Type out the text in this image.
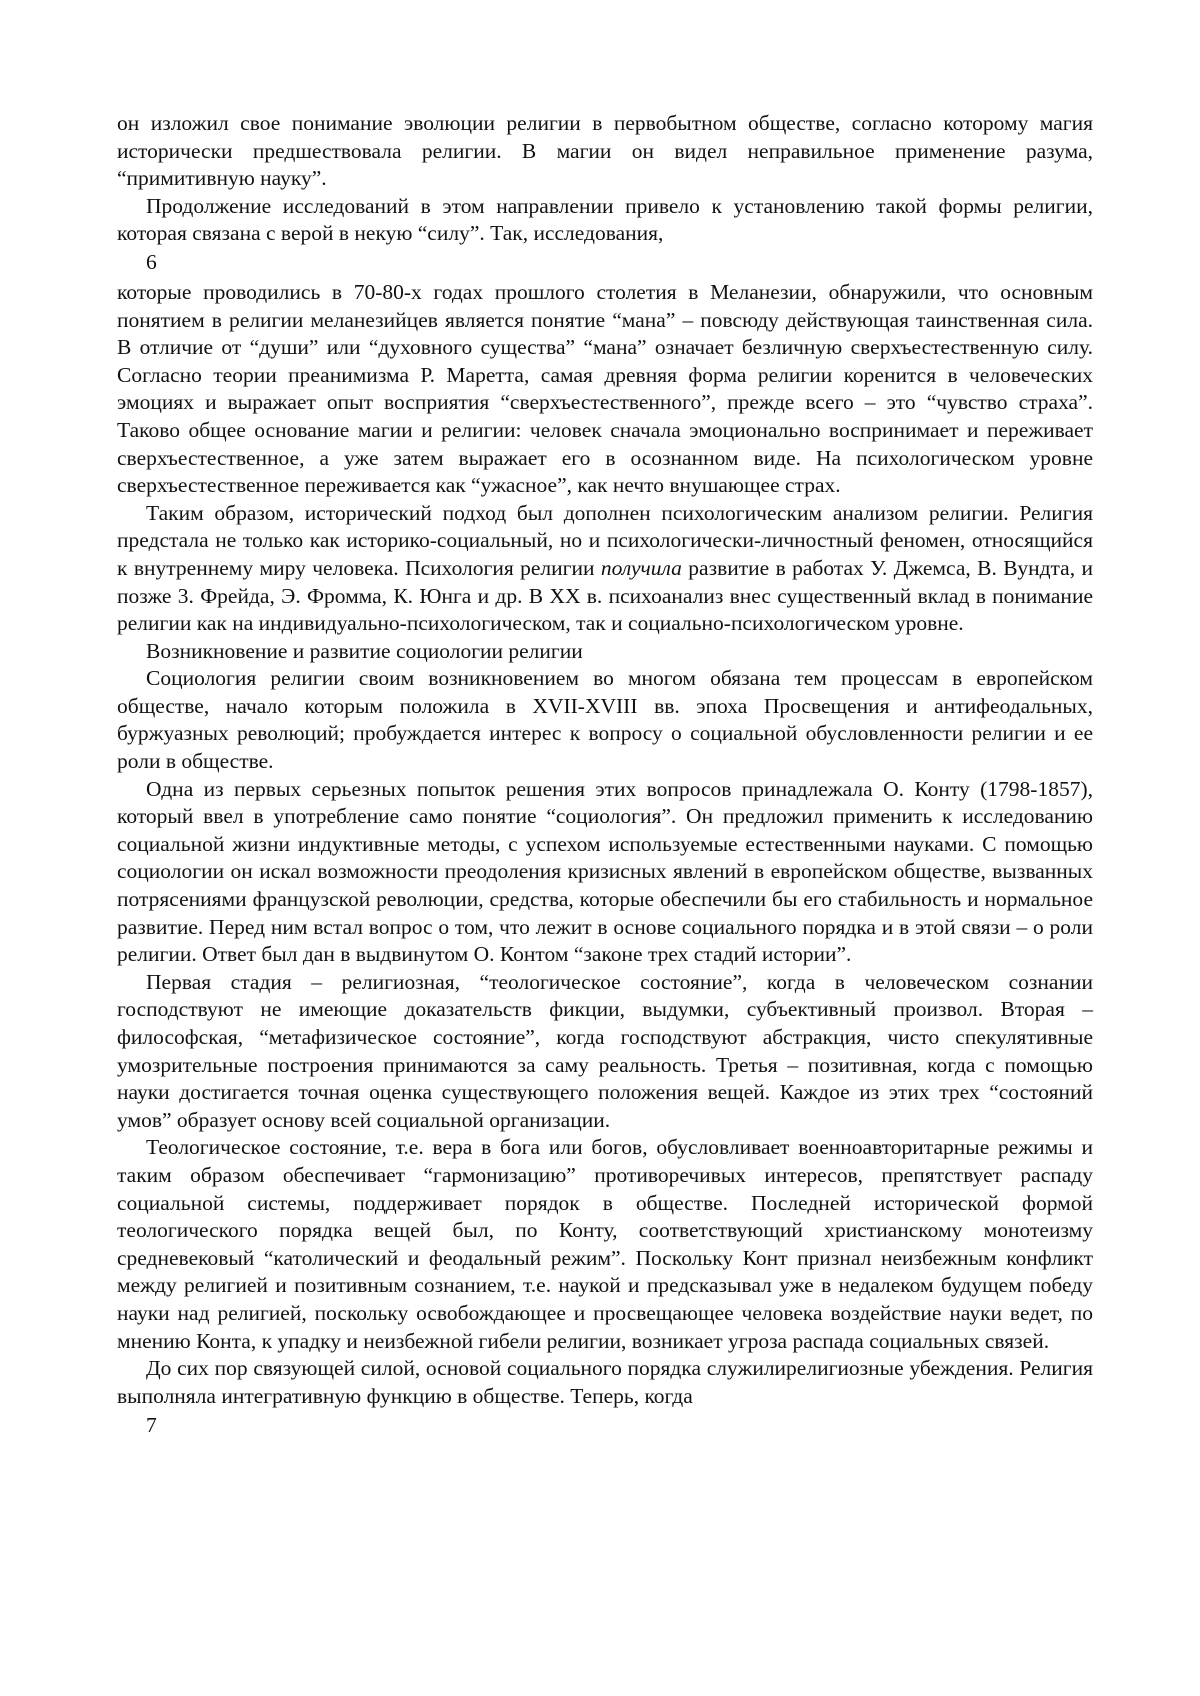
он изложил свое понимание эволюции религии в первобытном обществе, согласно которому магия исторически предшествовала религии. В магии он видел неправильное применение разума, “примитивную науку”.

Продолжение исследований в этом направлении привело к установлению такой формы религии, которая связана с верой в некую “силу”. Так, исследования,

6

которые проводились в 70-80-х годах прошлого столетия в Меланезии, обнаружили, что основным понятием в религии меланезийцев является понятие “мана” – повсюду действующая таинственная сила. В отличие от “души” или “духовного существа” “мана” означает безличную сверхъестественную силу. Согласно теории преанимизма Р. Маретта, самая древняя форма религии коренится в человеческих эмоциях и выражает опыт восприятия “сверхъестественного”, прежде всего – это “чувство страха”. Таково общее основание магии и религии: человек сначала эмоционально воспринимает и переживает сверхъестественное, а уже затем выражает его в осознанном виде. На психологическом уровне сверхъестественное переживается как “ужасное”, как нечто внушающее страх.

Таким образом, исторический подход был дополнен психологическим анализом религии. Религия предстала не только как историко-социальный, но и психологически-личностный феномен, относящийся к внутреннему миру человека. Психология религии получила развитие в работах У. Джемса, В. Вундта, и позже 3. Фрейда, Э. Фромма, К. Юнга и др. В XX в. психоанализ внес существенный вклад в понимание религии как на индивидуально-психологическом, так и социально-психологическом уровне.

Возникновение и развитие социологии религии

Социология религии своим возникновением во многом обязана тем процессам в европейском обществе, начало которым положила в XVII-XVIII вв. эпоха Просвещения и антифеодальных, буржуазных революций; пробуждается интерес к вопросу о социальной обусловленности религии и ее роли в обществе.

Одна из первых серьезных попыток решения этих вопросов принадлежала О. Конту (1798-1857), который ввел в употребление само понятие “социология”. Он предложил применить к исследованию социальной жизни индуктивные методы, с успехом используемые естественными науками. С помощью социологии он искал возможности преодоления кризисных явлений в европейском обществе, вызванных потрясениями французской революции, средства, которые обеспечили бы его стабильность и нормальное развитие. Перед ним встал вопрос о том, что лежит в основе социального порядка и в этой связи – о роли религии. Ответ был дан в выдвинутом О. Контом “законе трех стадий истории”.

Первая стадия – религиозная, “теологическое состояние”, когда в человеческом сознании господствуют не имеющие доказательств фикции, выдумки, субъективный произвол. Вторая – философская, “метафизическое состояние”, когда господствуют абстракция, чисто спекулятивные умозрительные построения принимаются за саму реальность. Третья – позитивная, когда с помощью науки достигается точная оценка существующего положения вещей. Каждое из этих трех “состояний умов” образует основу всей социальной организации.

Теологическое состояние, т.е. вера в бога или богов, обусловливает военноавторитарные режимы и таким образом обеспечивает “гармонизацию” противоречивых интересов, препятствует распаду социальной системы, поддерживает порядок в обществе. Последней исторической формой теологического порядка вещей был, по Конту, соответствующий христианскому монотеизму средневековый “католический и феодальный режим”. Поскольку Конт признал неизбежным конфликт между религией и позитивным сознанием, т.е. наукой и предсказывал уже в недалеком будущем победу науки над религией, поскольку освобождающее и просвещающее человека воздействие науки ведет, по мнению Конта, к упадку и неизбежной гибели религии, возникает угроза распада социальных связей.

До сих пор связующей силой, основой социального порядка служилирелигиозные убеждения. Религия выполняла интегративную функцию в обществе. Теперь, когда

7
